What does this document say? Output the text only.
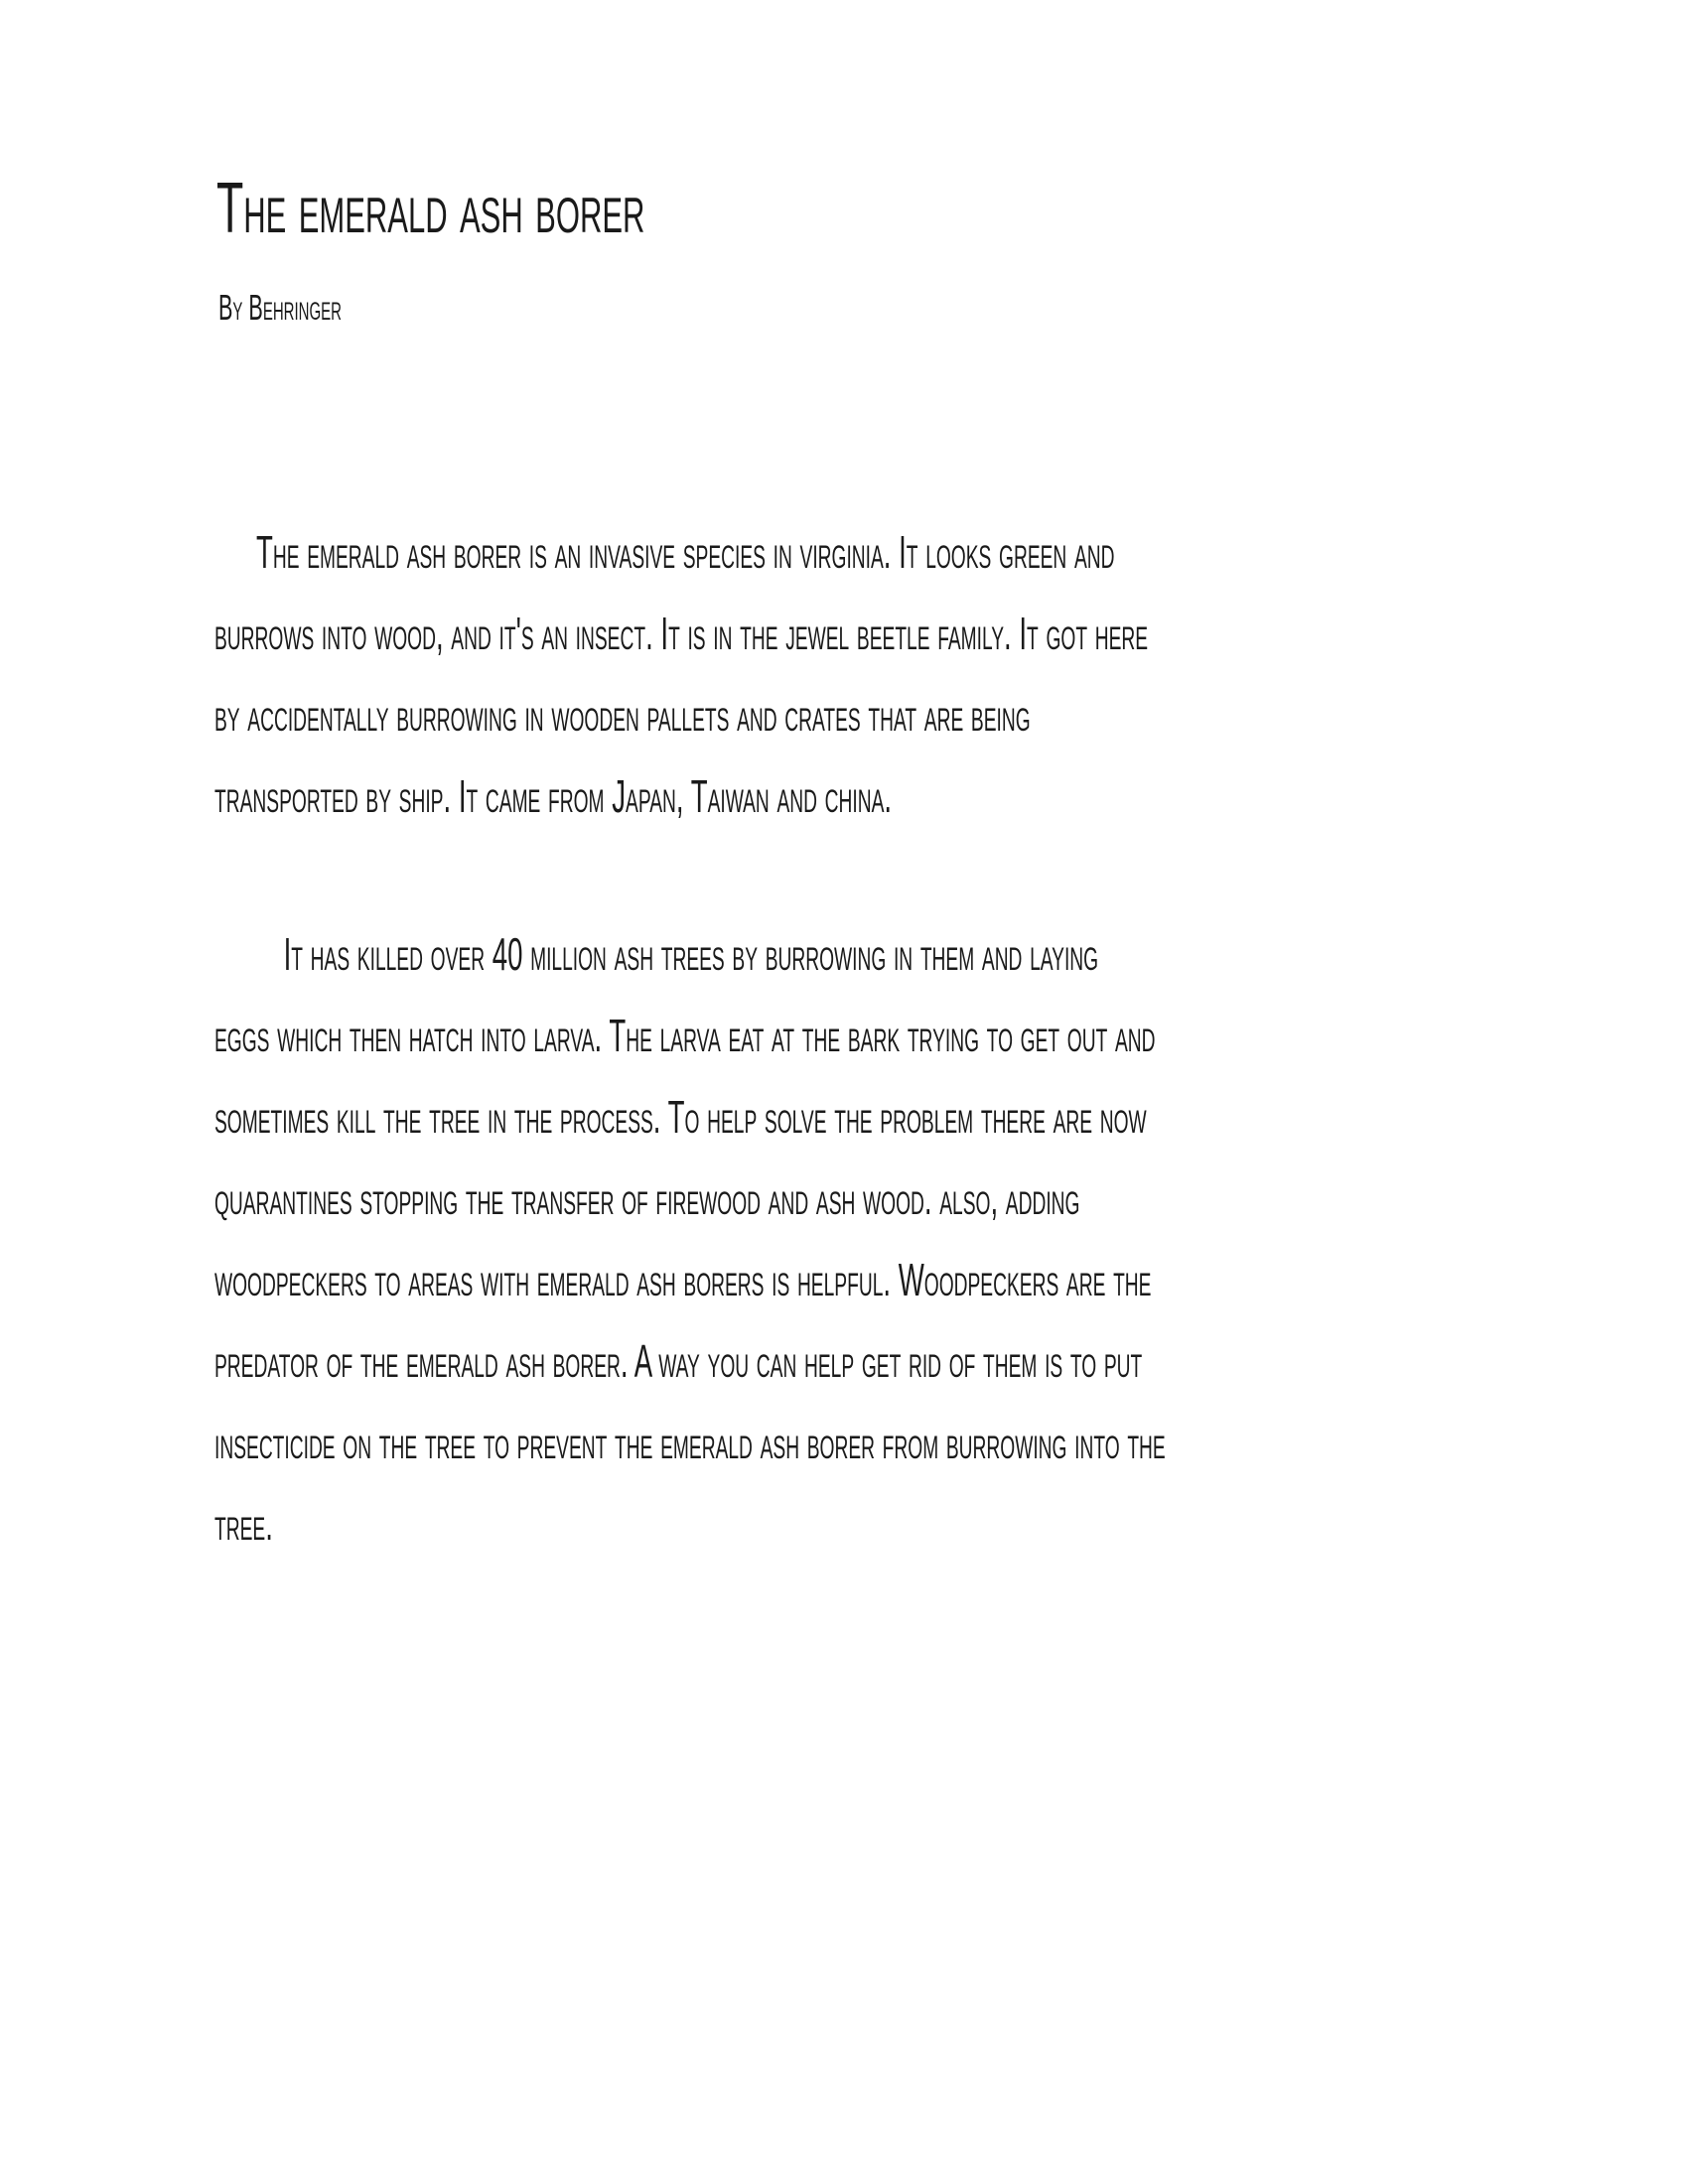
The emerald ash borer

By Behringer

The emerald ash borer is an invasive species in virginia. It looks green and
burrows into wood, and it's an insect. It is in the jewel beetle family. It got here
by accidentally burrowing in wooden pallets and crates that are being
transported by ship. It came from Japan, Taiwan and china.
It has killed over 40 million ash trees by burrowing in them and laying
eggs which then hatch into larva. The larva eat at the bark trying to get out and
sometimes kill the tree in the process. To help solve the problem there are now
quarantines stopping the transfer of firewood and ash wood. also, adding
woodpeckers to areas with emerald ash borers is helpful. Woodpeckers are the
predator of the emerald ash borer. A way you can help get rid of them is to put
insecticide on the tree to prevent the emerald ash borer from burrowing into the
tree.
